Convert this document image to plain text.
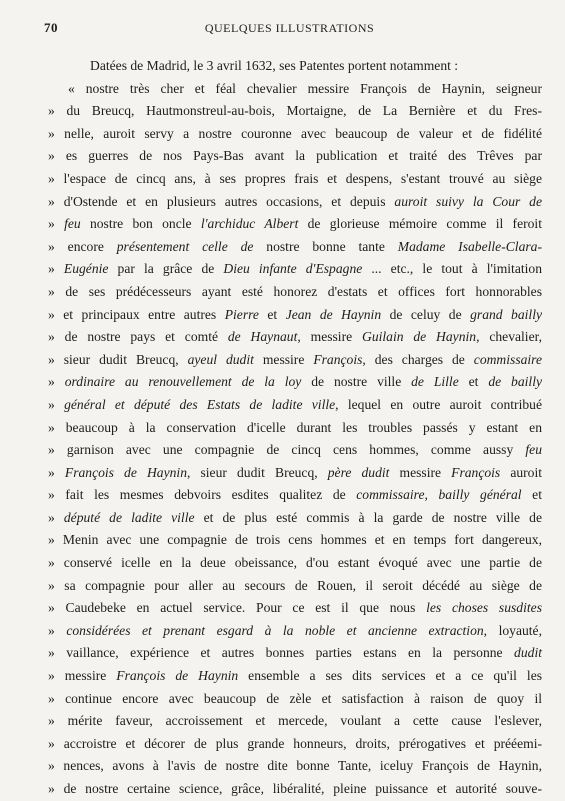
70	QUELQUES ILLUSTRATIONS
Datées de Madrid, le 3 avril 1632, ses Patentes portent notamment :
« nostre très cher et féal chevalier messire François de Haynin, seigneur
» du Breucq, Hautmonstreul-au-bois, Mortaigne, de La Bernière et du Fres-
» nelle, auroit servy a nostre couronne avec beaucoup de valeur et de fidélité
» es guerres de nos Pays-Bas avant la publication et traité des Trêves par
» l'espace de cincq ans, à ses propres frais et despens, s'estant trouvé au siège
» d'Ostende et en plusieurs autres occasions, et depuis auroit suivy la Cour de
» feu nostre bon oncle l'archiduc Albert de glorieuse mémoire comme il feroit
» encore présentement celle de nostre bonne tante Madame Isabelle-Clara-
» Eugénie par la grâce de Dieu infante d'Espagne ... etc., le tout à l'imitation
» de ses prédécesseurs ayant esté honorez d'estats et offices fort honnorables
» et principaux entre autres Pierre et Jean de Haynin de celuy de grand bailly
» de nostre pays et comté de Haynaut, messire Guilain de Haynin, chevalier,
» sieur dudit Breucq, ayeul dudit messire François, des charges de commissaire
» ordinaire au renouvellement de la loy de nostre ville de Lille et de bailly
» général et député des Estats de ladite ville, lequel en outre auroit contribué
» beaucoup à la conservation d'icelle durant les troubles passés y estant en
» garnison avec une compagnie de cincq cens hommes, comme aussy feu
» François de Haynin, sieur dudit Breucq, père dudit messire François auroit
» fait les mesmes debvoirs esdites qualitez de commissaire, bailly général et
» député de ladite ville et de plus esté commis à la garde de nostre ville de
» Menin avec une compagnie de trois cens hommes et en temps fort dangereux,
» conservé icelle en la deue obeissance, d'ou estant évoqué avec une partie de
» sa compagnie pour aller au secours de Rouen, il seroit décédé au siège de
» Caudebeke en actuel service. Pour ce est il que nous les choses susdites
» considérées et prenant esgard à la noble et ancienne extraction, loyauté,
» vaillance, expérience et autres bonnes parties estans en la personne dudit
» messire François de Haynin ensemble a ses dits services et a ce qu'il les
» continue encore avec beaucoup de zèle et satisfaction à raison de quoy il
» mérite faveur, accroissement et mercede, voulant a cette cause l'eslever,
» accroistre et décorer de plus grande honneurs, droits, prérogatives et prééemi-
» nences, avons à l'avis de nostre dite bonne Tante, iceluy François de Haynin,
» de nostre certaine science, grâce, libéralité, pleine puissance et autorité souve-
